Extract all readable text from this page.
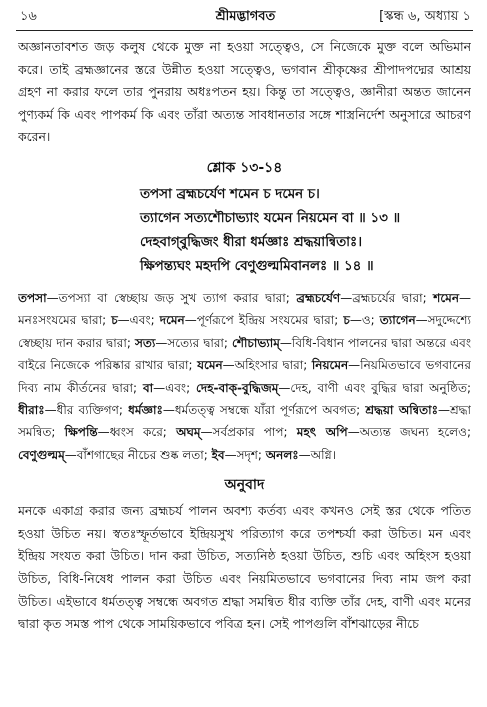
১৬	শ্রীমদ্ভাগবত	[স্কন্ধ ৬, অধ্যায় ১

অজ্ঞানতাবশত জড় কলুষ থেকে মুক্ত না হওয়া সত্ত্বেও, সে নিজেকে মুক্ত বলে অভিমান করে। তাই ব্রহ্মজ্ঞানের স্তরে উন্নীত হওয়া সত্ত্বেও, ভগবান শ্রীকৃষ্ণের শ্রীপাদপদ্মের আশ্রয় গ্রহণ না করার ফলে তার পুনরায় অধঃপতন হয়। কিন্তু তা সত্ত্বেও, জ্ঞানীরা অন্তত জানেন পুণ্যকর্ম কি এবং পাপকর্ম কি এবং তাঁরা অত্যন্ত সাবধানতার সঙ্গে শাস্ত্রনির্দেশ অনুসারে আচরণ করেন।

শ্লোক ১৩-১৪
তপসা ব্রহ্মচর্যেণ শমেন চ দমেন চ।
ত্যাগেন সত্যশৌচাভ্যাং যমেন নিয়মেন বা ॥ ১৩ ॥
দেহবাগ্‌বুদ্ধিজং ধীরা ধর্মজ্ঞাঃ শ্রদ্ধয়ান্বিতাঃ।
ক্ষিপন্ত্যঘং মহদপি বেণুগুল্মমিবানলঃ ॥ ১৪ ॥

তপসা—তপস্যা বা স্বেচ্ছায় জড় সুখ ত্যাগ করার দ্বারা; ব্রহ্মচর্যেণ—ব্রহ্মচর্যের দ্বারা; শমেন—মনঃসংযমের দ্বারা; চ—এবং; দমেন—পূর্ণরূপে ইন্দ্রিয় সংযমের দ্বারা; চ—ও; ত্যাগেন—সদুদ্দেশ্যে স্বেচ্ছায় দান করার দ্বারা; সত্য—সত্যের দ্বারা; শৌচাভ্যাম্—বিধি-বিধান পালনের দ্বারা অন্তরে এবং বাইরে নিজেকে পরিষ্কার রাখার দ্বারা; যমেন—অহিংসার দ্বারা; নিয়মেন—নিয়মিতভাবে ভগবানের দিব্য নাম কীর্তনের দ্বারা; বা—এবং; দেহ-বাক্-বুদ্ধিজম্—দেহ, বাণী এবং বুদ্ধির দ্বারা অনুষ্ঠিত; ধীরাঃ—ধীর ব্যক্তিগণ; ধর্মজ্ঞাঃ—ধর্মতত্ত্ব সম্বন্ধে যাঁরা পূর্ণরূপে অবগত; শ্রদ্ধয়া অন্বিতাঃ—শ্রদ্ধা সমন্বিত; ক্ষিপন্তি—ধ্বংস করে; অঘম্—সর্বপ্রকার পাপ; মহৎ অপি—অত্যন্ত জঘন্য হলেও; বেণুগুল্মম্—বাঁশগাছের নীচের শুষ্ক লতা; ইব—সদৃশ; অনলঃ—অগ্নি।

অনুবাদ

মনকে একাগ্র করার জন্য ব্রহ্মচর্য পালন অবশ্য কর্তব্য এবং কখনও সেই স্তর থেকে পতিত হওয়া উচিত নয়। স্বতঃস্ফূর্তভাবে ইন্দ্রিয়সুখ পরিত্যাগ করে তপশ্চর্যা করা উচিত। মন এবং ইন্দ্রিয় সংযত করা উচিত। দান করা উচিত, সত্যনিষ্ঠ হওয়া উচিত, শুচি এবং অহিংস হওয়া উচিত, বিধি-নিষেধ পালন করা উচিত এবং নিয়মিতভাবে ভগবানের দিব্য নাম জপ করা উচিত। এইভাবে ধর্মতত্ত্ব সম্বন্ধে অবগত শ্রদ্ধা সমন্বিত ধীর ব্যক্তি তাঁর দেহ, বাণী এবং মনের দ্বারা কৃত সমস্ত পাপ থেকে সাময়িকভাবে পবিত্র হন। সেই পাপগুলি বাঁশঝাড়ের নীচে
